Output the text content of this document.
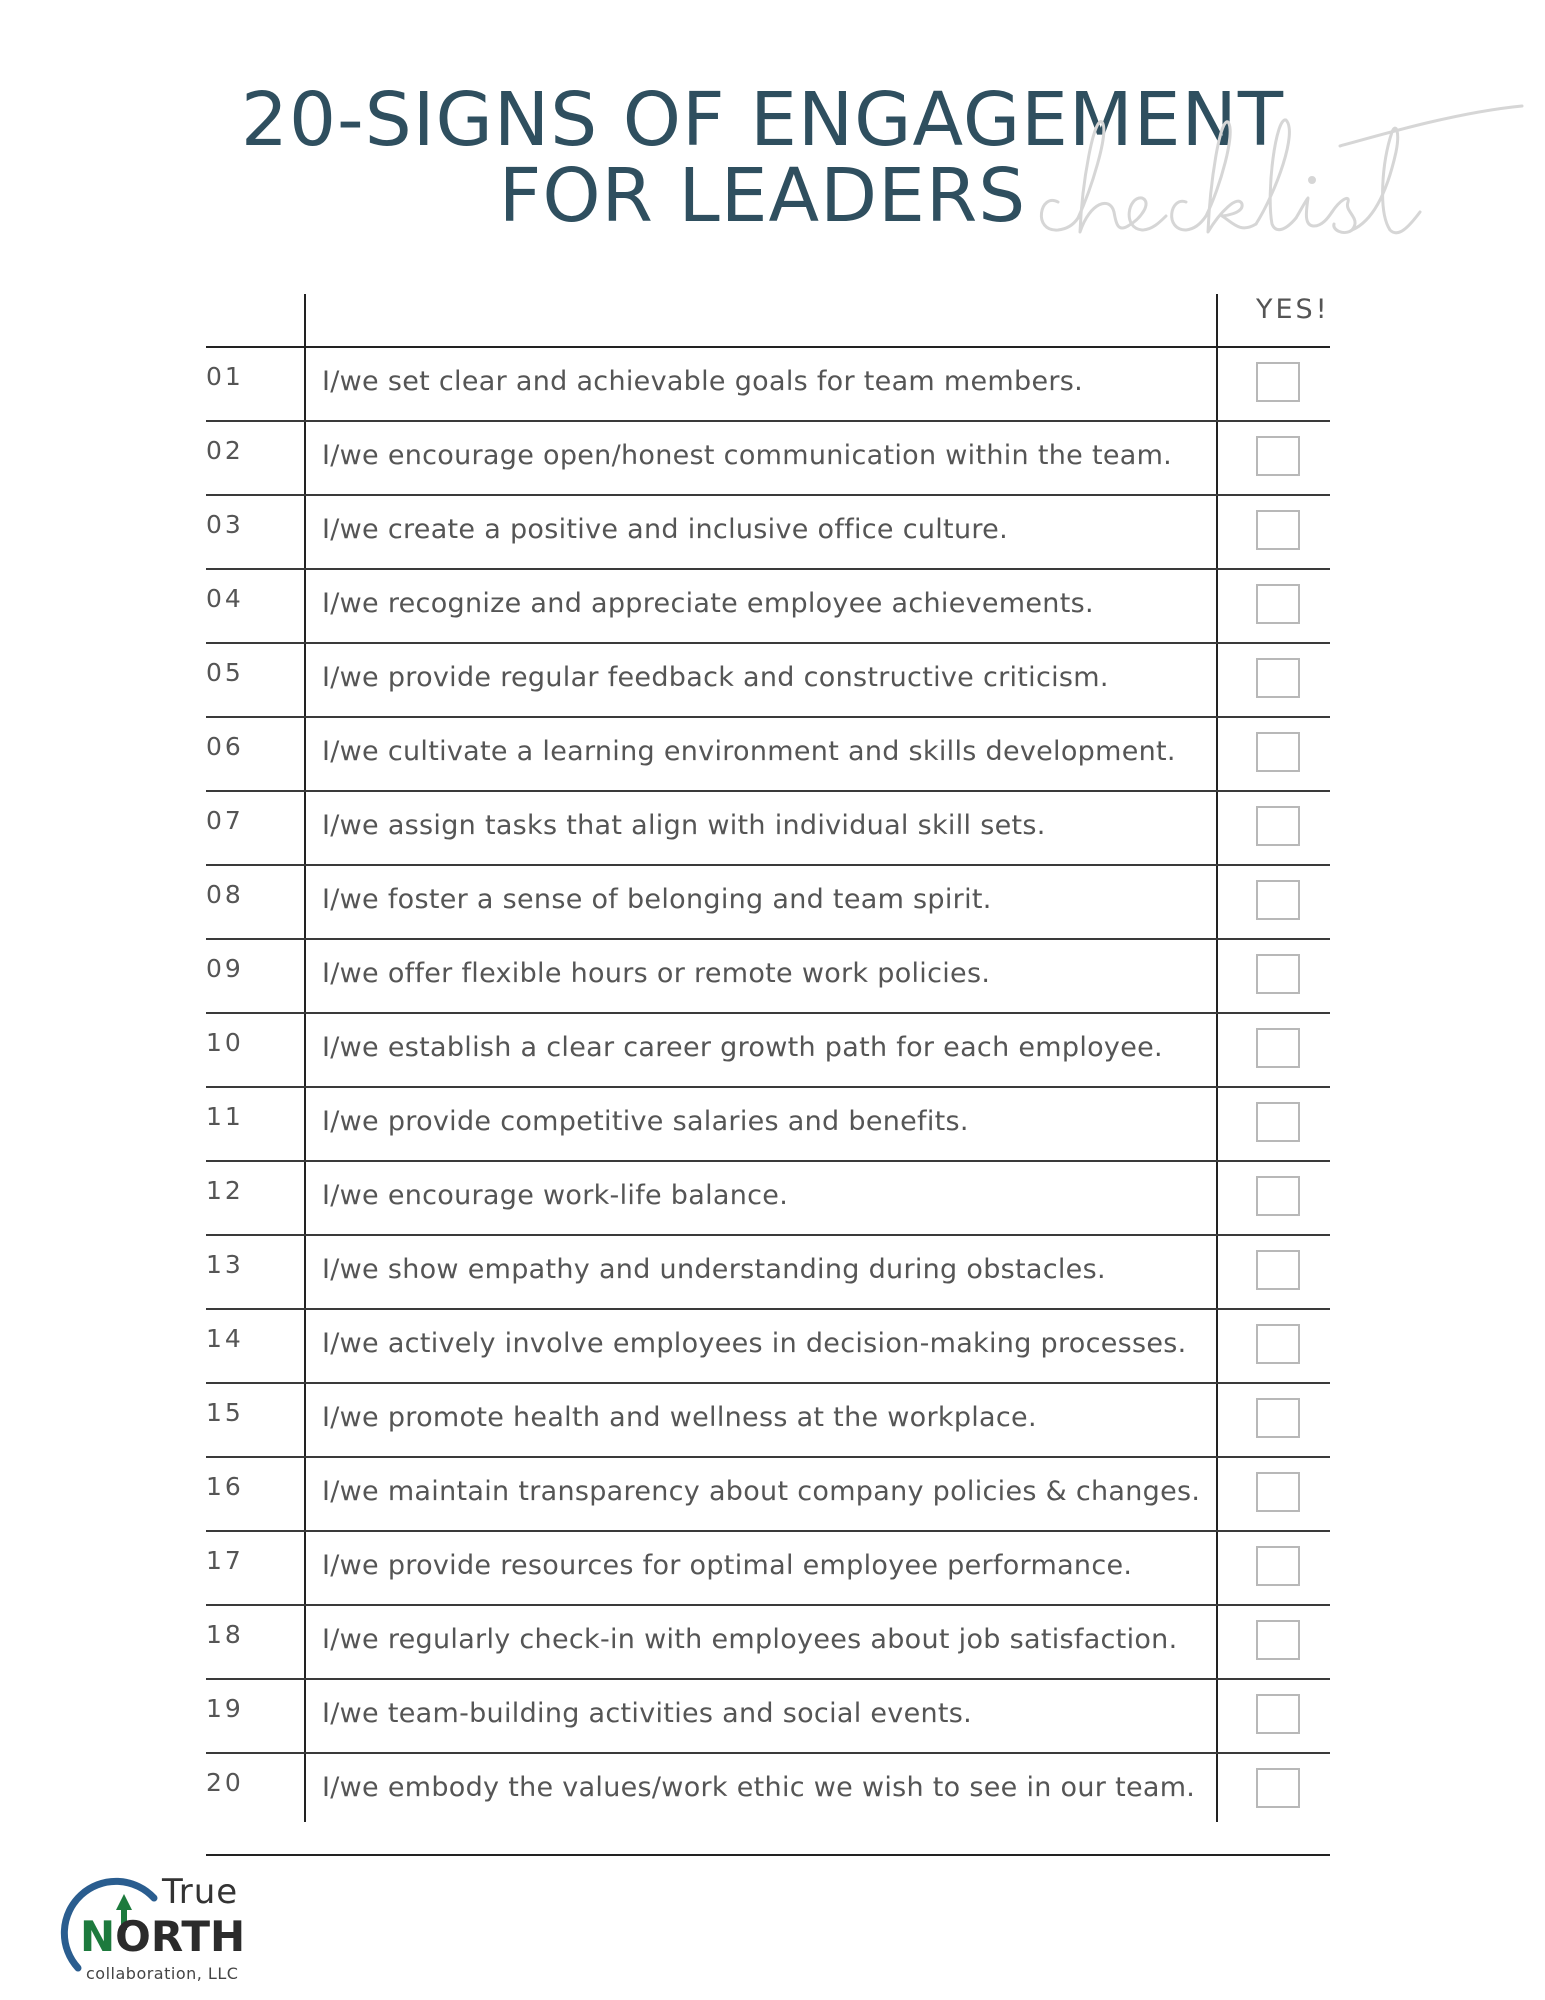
20-SIGNS OF ENGAGEMENT
FOR LEADERS
YES!
01	I/we set clear and achievable goals for team members.
02	I/we encourage open/honest communication within the team.
03	I/we create a positive and inclusive office culture.
04	I/we recognize and appreciate employee achievements.
05	I/we provide regular feedback and constructive criticism.
06	I/we cultivate a learning environment and skills development.
07	I/we assign tasks that align with individual skill sets.
08	I/we foster a sense of belonging and team spirit.
09	I/we offer flexible hours or remote work policies.
10	I/we establish a clear career growth path for each employee.
11	I/we provide competitive salaries and benefits.
12	I/we encourage work-life balance.
13	I/we show empathy and understanding during obstacles.
14	I/we actively involve employees in decision-making processes.
15	I/we promote health and wellness at the workplace.
16	I/we maintain transparency about company policies & changes.
17	I/we provide resources for optimal employee performance.
18	I/we regularly check-in with employees about job satisfaction.
19	I/we team-building activities and social events.
20	I/we embody the values/work ethic we wish to see in our team.
True
NORTH
collaboration, LLC
